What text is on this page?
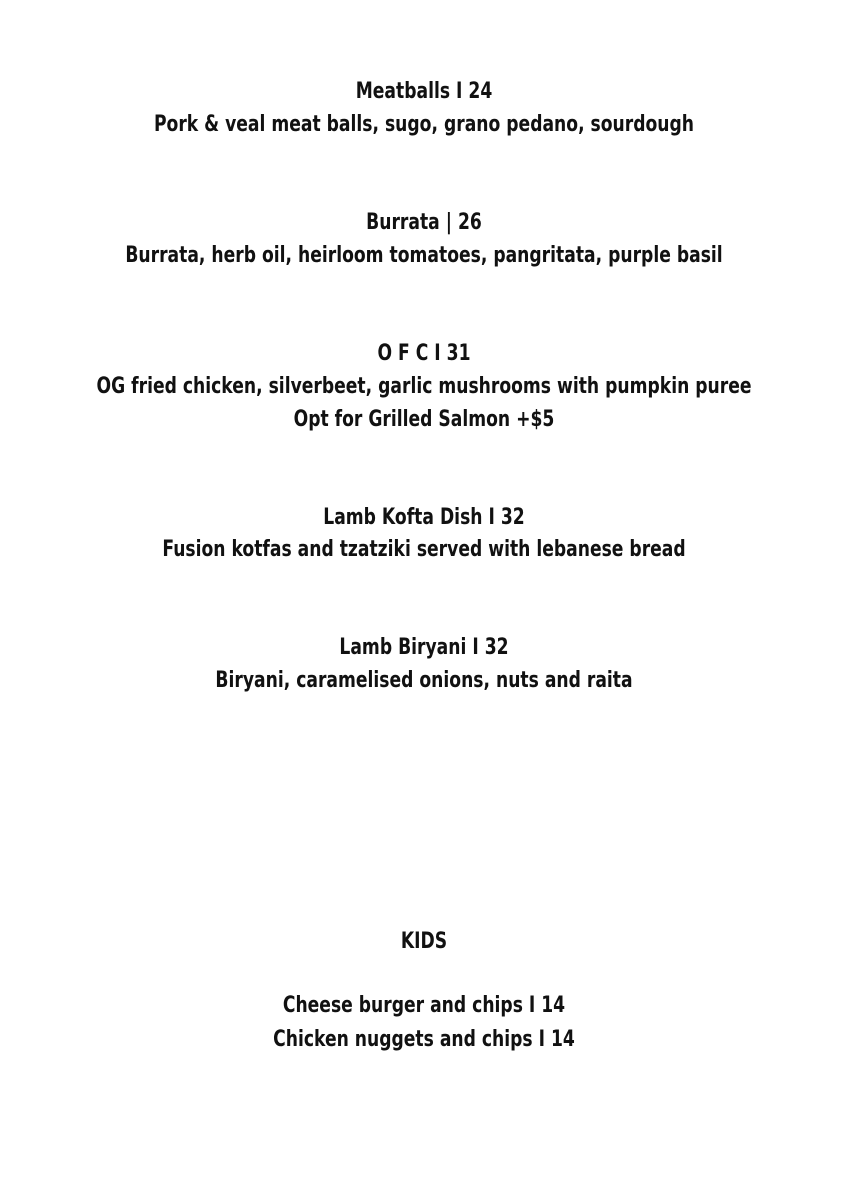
Meatballs I 24
Pork & veal meat balls, sugo, grano pedano, sourdough
Burrata | 26
Burrata, herb oil, heirloom tomatoes, pangritata, purple basil
O F C I 31
OG fried chicken, silverbeet, garlic mushrooms with pumpkin puree
Opt for Grilled Salmon +$5
Lamb Kofta Dish I 32
Fusion kotfas and tzatziki served with lebanese bread
Lamb Biryani I 32
Biryani, caramelised onions, nuts and raita
KIDS
Cheese burger and chips I 14
Chicken nuggets and chips I 14
